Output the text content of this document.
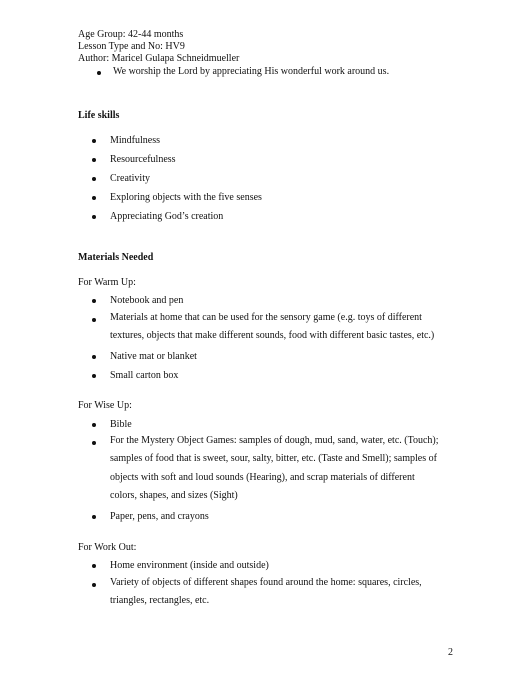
Age Group: 42-44 months
Lesson Type and No: HV9
Author: Maricel Gulapa Schneidmueller
We worship the Lord by appreciating His wonderful work around us.
Life skills
Mindfulness
Resourcefulness
Creativity
Exploring objects with the five senses
Appreciating God’s creation
Materials Needed
For Warm Up:
Notebook and pen
Materials at home that can be used for the sensory game (e.g. toys of different
textures, objects that make different sounds, food with different basic tastes, etc.)
Native mat or blanket
Small carton box
For Wise Up:
Bible
For the Mystery Object Games: samples of dough, mud, sand, water, etc. (Touch);
samples of food that is sweet, sour, salty, bitter, etc. (Taste and Smell); samples of
objects with soft and loud sounds (Hearing), and scrap materials of different
colors, shapes, and sizes (Sight)
Paper, pens, and crayons
For Work Out:
Home environment (inside and outside)
Variety of objects of different shapes found around the home: squares, circles,
triangles, rectangles, etc.
2
